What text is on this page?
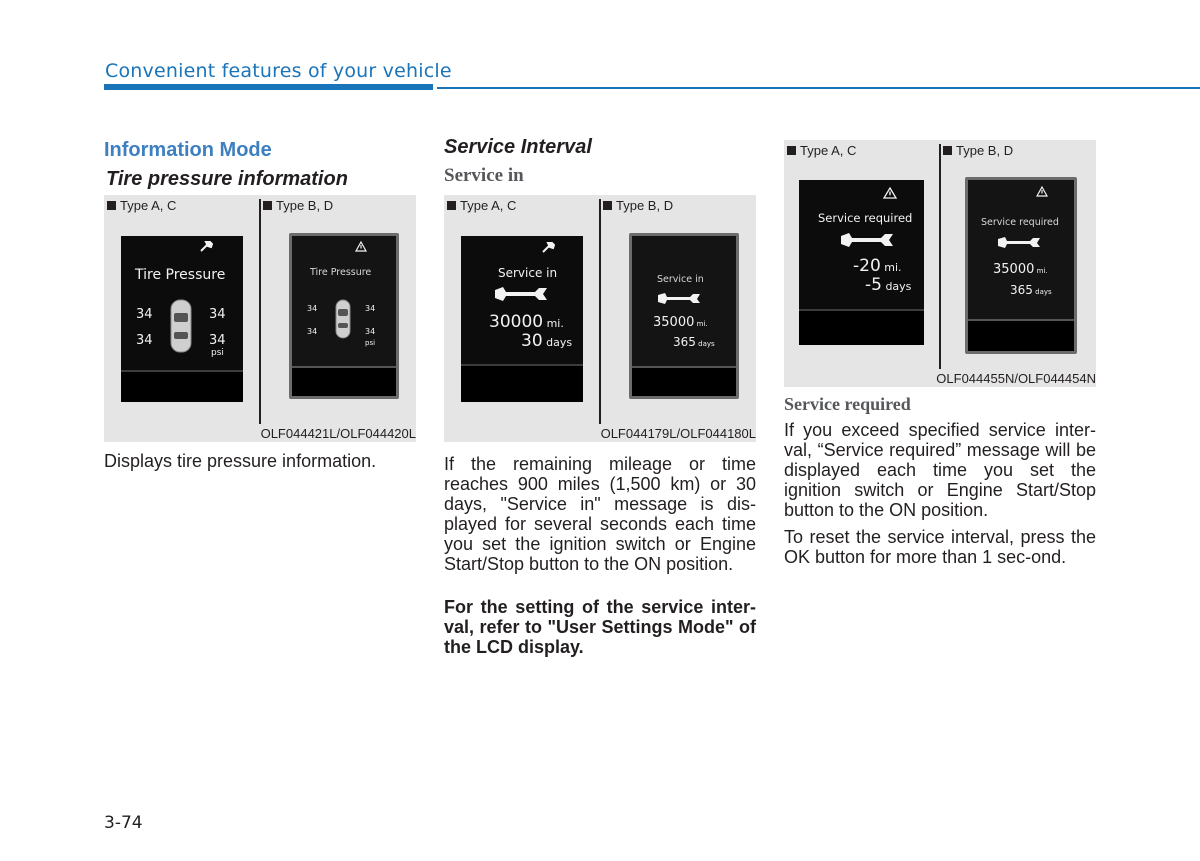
Convenient features of your vehicle
Information Mode
Tire pressure information
Type A, C	Type B, D
Tire Pressure
34	34
34	34
psi
Tire Pressure
34	34
34	34
psi
OLF044421L/OLF044420L
Displays tire pressure information.
Service Interval
Service in
Type A, C	Type B, D
Service in
30000 mi.
30 days
Service in
35000 mi.
365 days
OLF044179L/OLF044180L
If the remaining mileage or time reaches 900 miles (1,500 km) or 30 days, "Service in" message is dis-played for several seconds each time you set the ignition switch or Engine Start/Stop button to the ON position.
For the setting of the service inter-val, refer to "User Settings Mode" of the LCD display.
Type A, C	Type B, D
Service required
-20 mi.
-5 days
Service required
35000 mi.
365 days
OLF044455N/OLF044454N
Service required
If you exceed specified service inter-val, “Service required” message will be displayed each time you set the ignition switch or Engine Start/Stop button to the ON position.
To reset the service interval, press the OK button for more than 1 sec-ond.
3-74
